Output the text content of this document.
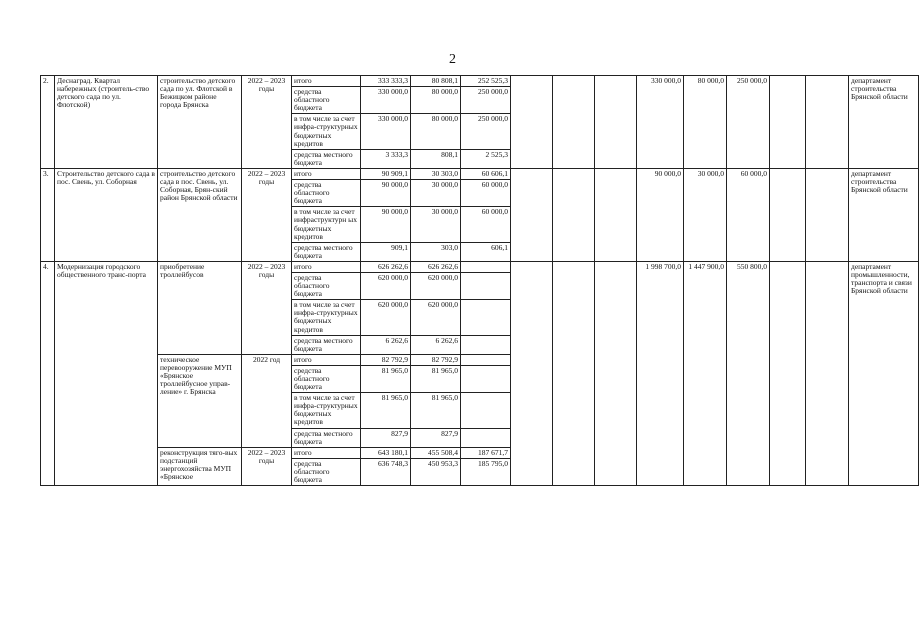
2
2.	Деснаград. Квартал набережных (строитель-ство детского сада по ул. Флотской)	строительство детского сада по ул. Флотской в Бежицком районе города Брянска	2022 – 2023 годы	итого	333 333,3	80 808,1	252 525,3				330 000,0	80 000,0	250 000,0			департамент строительства Брянской области
				средства областного бюджета	330 000,0	80 000,0	250 000,0									
				в том числе за счет инфра-структурных бюджетных кредитов	330 000,0	80 000,0	250 000,0									
				средства местного бюджета	3 333,3	808,1	2 525,3									
3.	Строительство детского сада в пос. Свень, ул. Соборная	строительство детского сада в пос. Свень, ул. Соборная, Брян-ский район Брянской области	2022 – 2023 годы	итого	90 909,1	30 303,0	60 606,1				90 000,0	30 000,0	60 000,0			департамент строительства Брянской области
				средства областного бюджета	90 000,0	30 000,0	60 000,0									
				в том числе за счет инфраструктурн ых бюджетных кредитов	90 000,0	30 000,0	60 000,0									
				средства местного бюджета	909,1	303,0	606,1									
4.	Модернизация городского общественного транс-порта	приобретение троллейбусов	2022 – 2023 годы	итого	626 262,6	626 262,6					1 998 700,0	1 447 900,0	550 800,0			департамент промышленности, транспорта и связи Брянской области
				средства областного бюджета	620 000,0	620 000,0										
				в том числе за счет инфра-структурных бюджетных кредитов	620 000,0	620 000,0										
				средства местного бюджета	6 262,6	6 262,6										
		техническое перевооружение МУП «Брянское троллейбусное управ-ление» г. Брянска	2022 год	итого	82 792,9	82 792,9										
				средства областного бюджета	81 965,0	81 965,0										
				в том числе за счет инфра-структурных бюджетных кредитов	81 965,0	81 965,0										
				средства местного бюджета	827,9	827,9										
		реконструкция тяго-вых подстанций энергохозяйства МУП «Брянское	2022 – 2023 годы	итого	643 180,1	455 508,4	187 671,7									
				средства областного бюджета	636 748,3	450 953,3	185 795,0									
